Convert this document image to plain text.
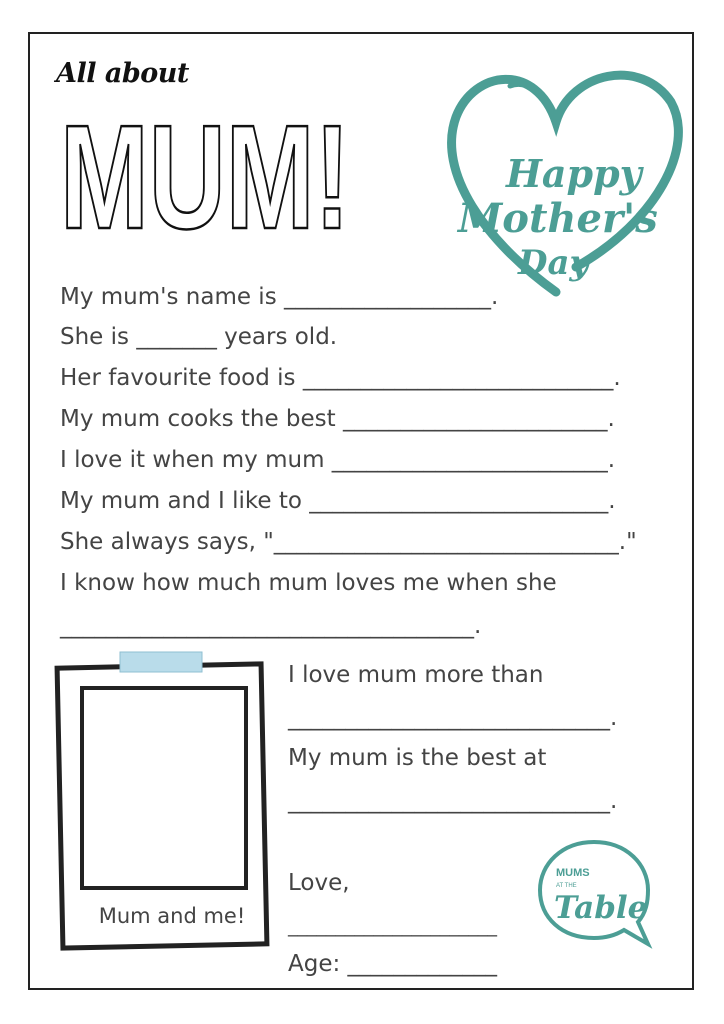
All about
MUM!	Happy
Mother's
Day
My mum's name is __________________.
She is _______ years old.
Her favourite food is ___________________________.
My mum cooks the best _______________________.
I love it when my mum ________________________.
My mum and I like to __________________________.
She always says, "______________________________."
I know how much mum loves me when she
____________________________________.
Mum and me!
I love mum more than
____________________________.
My mum is the best at
____________________________.
Love,
______________________
Age: _____________
MUMS
AT THE
Table
